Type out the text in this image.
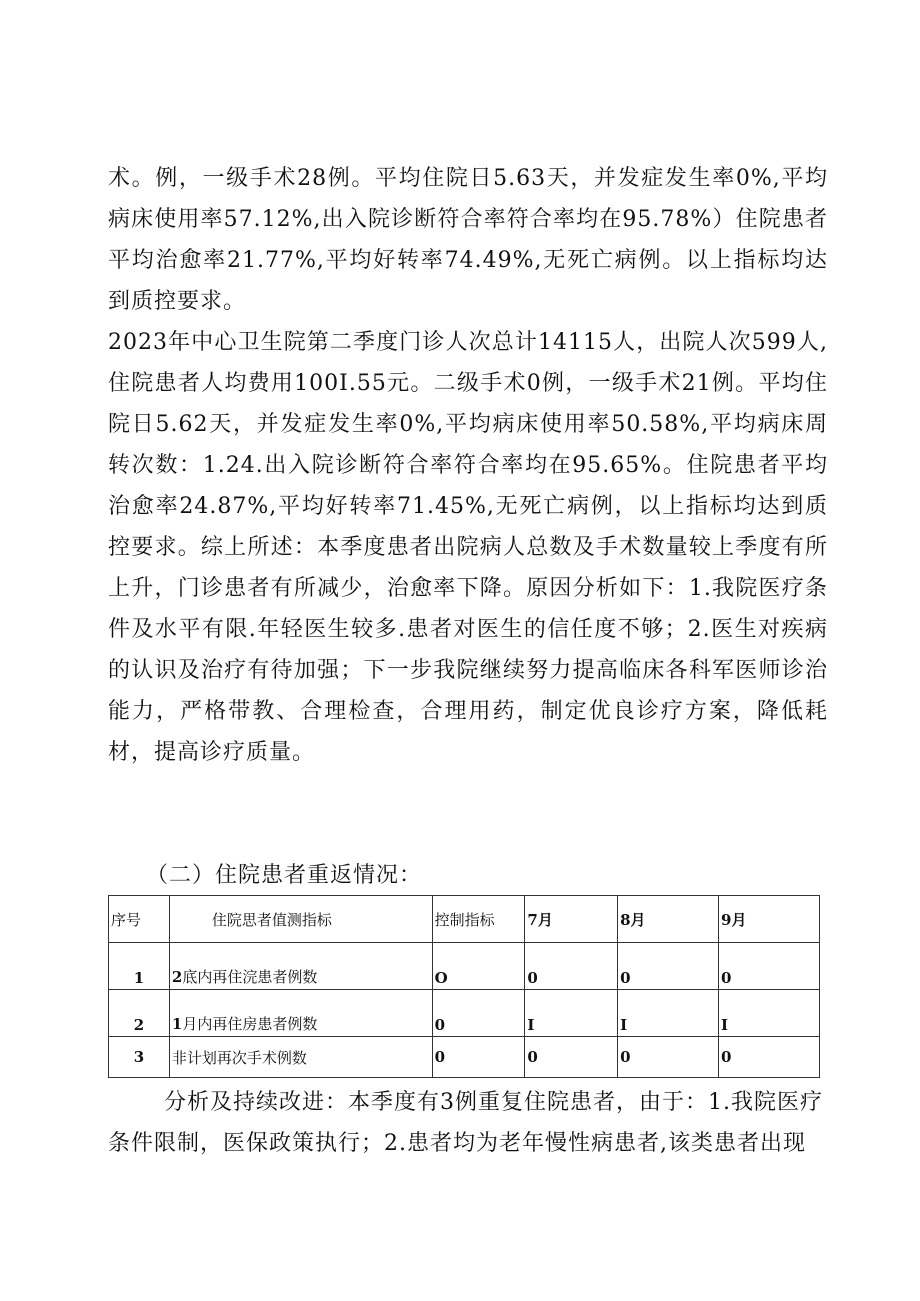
术。例，一级手术28例。平均住院日5.63天，并发症发生率0%,平均病床使用率57.12%,出入院诊断符合率符合率均在95.78%）住院患者平均治愈率21.77%,平均好转率74.49%,无死亡病例。以上指标均达到质控要求。

2023年中心卫生院第二季度门诊人次总计14115人，出院人次599人,住院患者人均费用100I.55元。二级手术0例，一级手术21例。平均住院日5.62天，并发症发生率0%,平均病床使用率50.58%,平均病床周转次数：1.24.出入院诊断符合率符合率均在95.65%。住院患者平均治愈率24.87%,平均好转率71.45%,无死亡病例，以上指标均达到质控要求。综上所述：本季度患者出院病人总数及手术数量较上季度有所上升，门诊患者有所减少，治愈率下降。原因分析如下：1.我院医疗条件及水平有限.年轻医生较多.患者对医生的信任度不够；2.医生对疾病的认识及治疗有待加强；下一步我院继续努力提高临床各科军医师诊治能力，严格带教、合理检查，合理用药，制定优良诊疗方案，降低耗材，提高诊疗质量。

（二）住院患者重返情况：

序号	住院思者值测指标	控制指标	7月	8月	9月
1	2底内再住浣患者例数	O	0	0	0
2	1月内再住房患者例数	0	I	I	I
3	非计划再次手术例数	0	0	0	0

分析及持续改进：本季度有3例重复住院患者，由于：1.我院医疗条件限制，医保政策执行；2.患者均为老年慢性病患者,该类患者出现
